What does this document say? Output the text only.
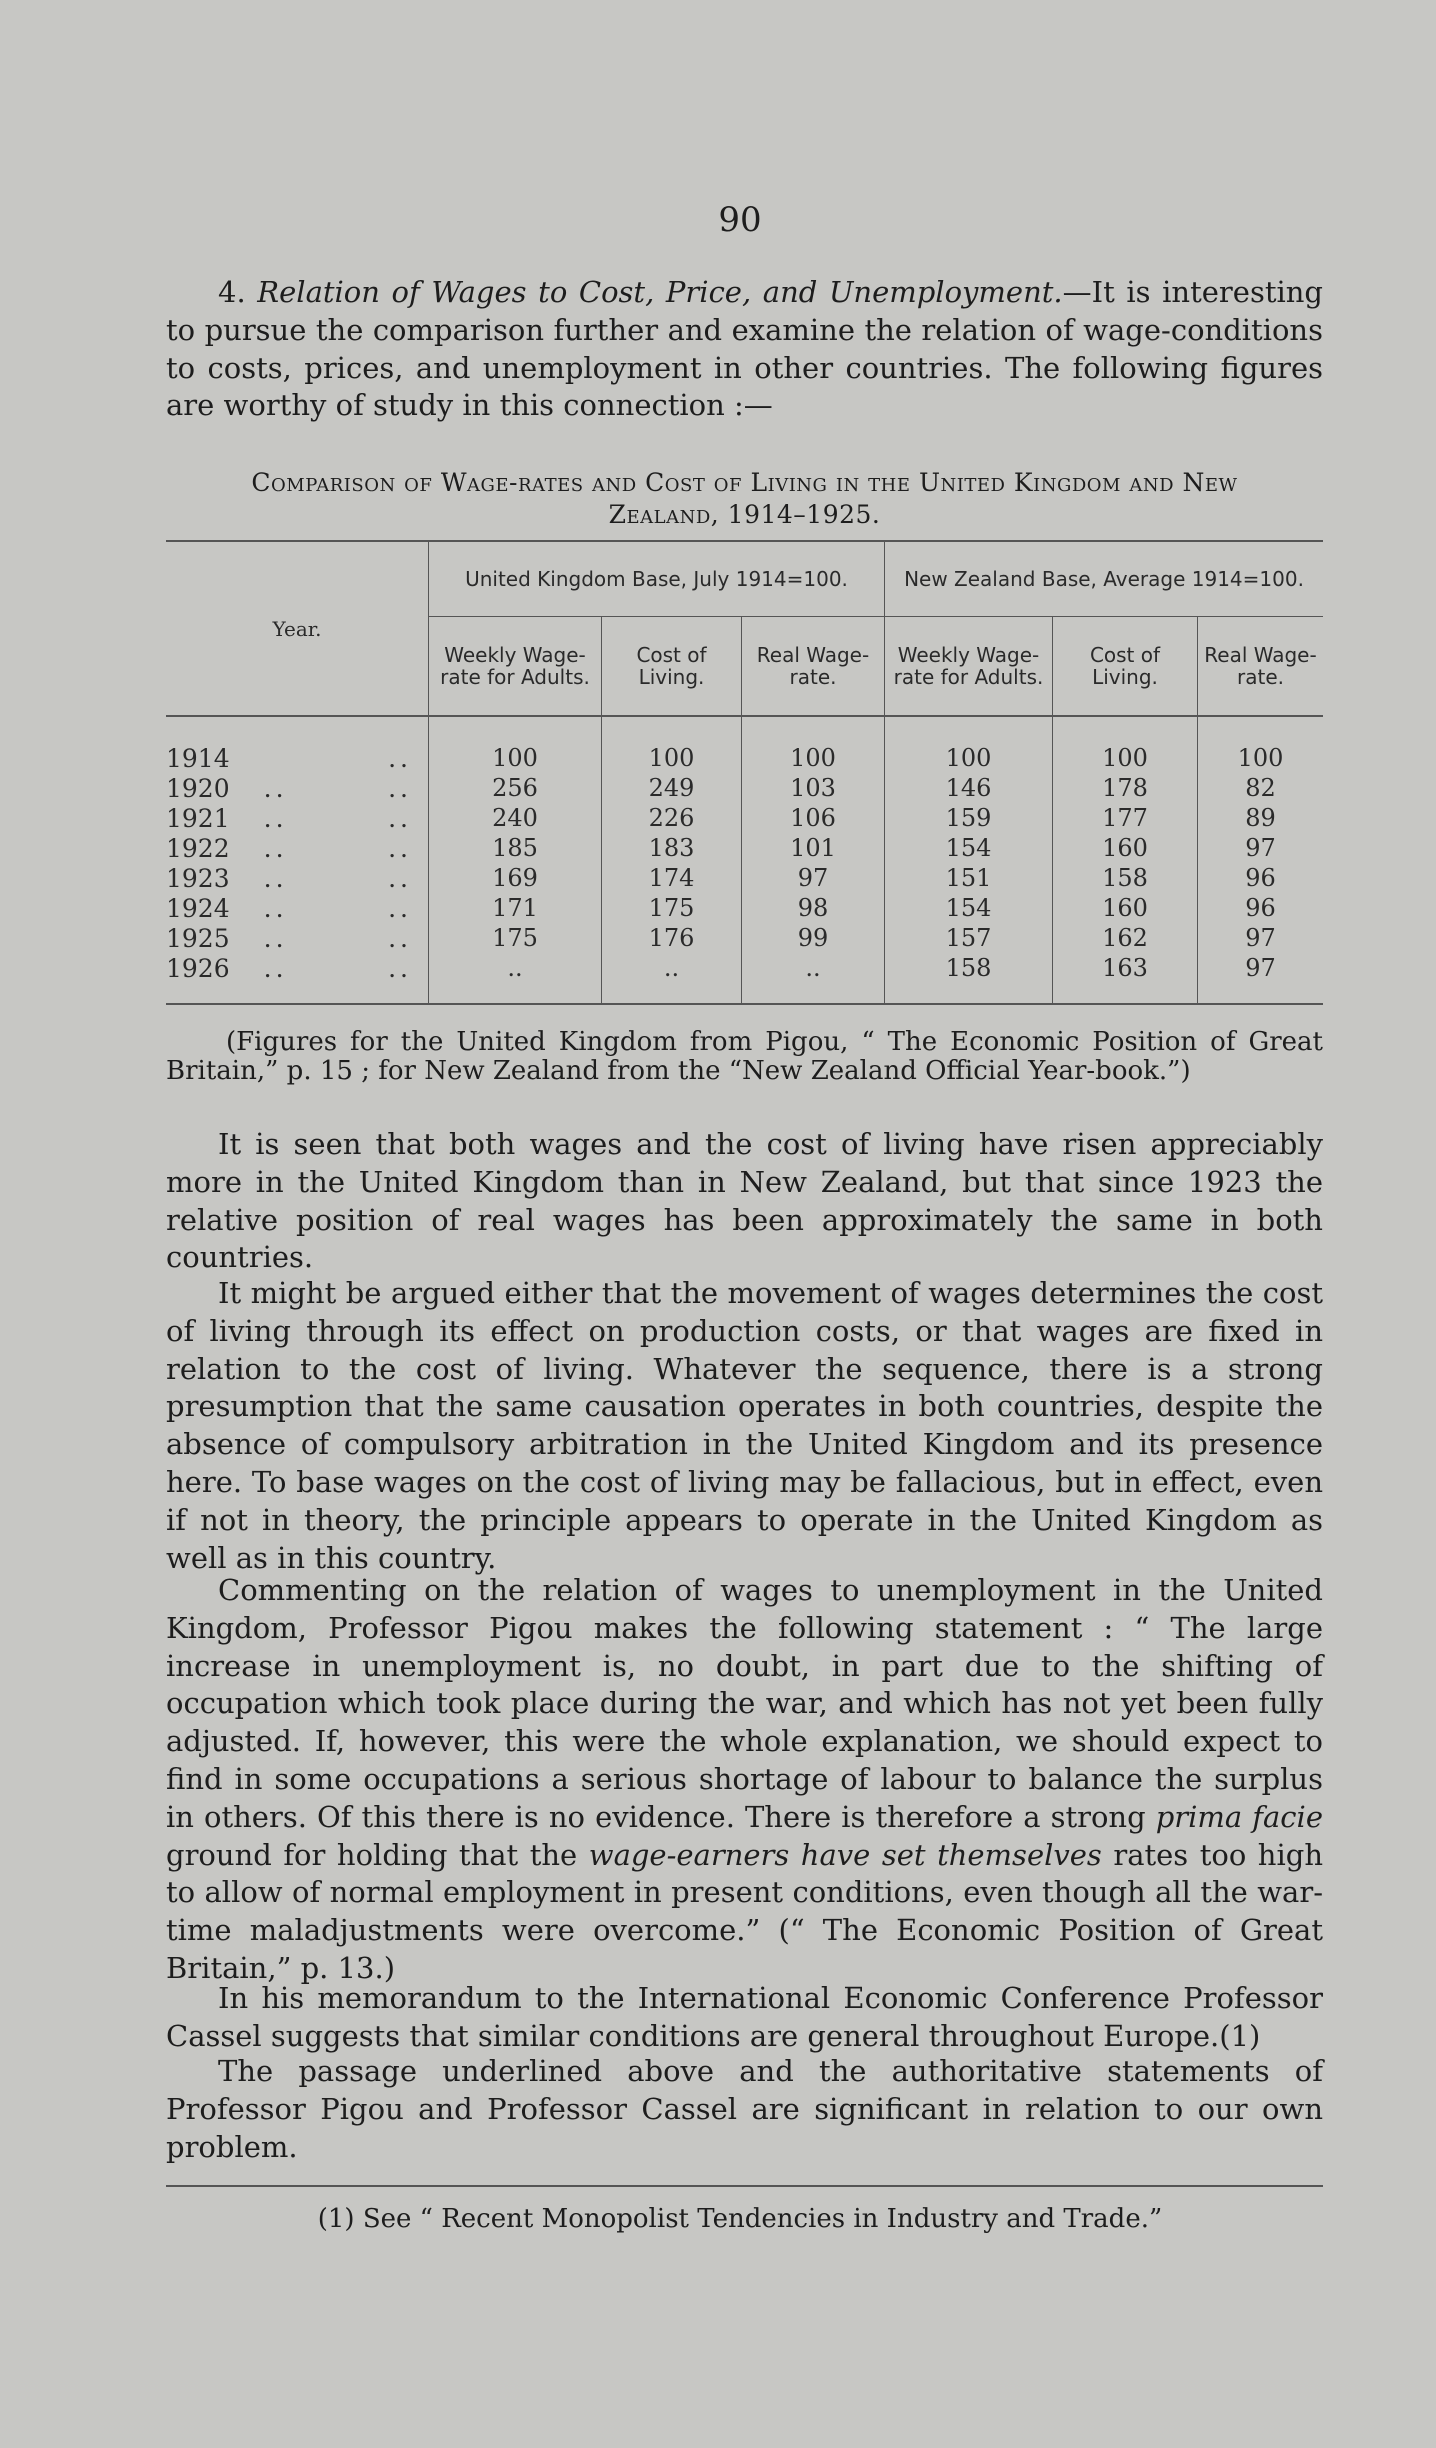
90

4. Relation of Wages to Cost, Price, and Unemployment.—It is interesting to pursue the comparison further and examine the relation of wage-conditions to costs, prices, and unemployment in other countries. The following figures are worthy of study in this connection :—

Comparison of Wage-rates and Cost of Living in the United Kingdom and New
Zealand, 1914–1925.
Year.	United Kingdom Base, July 1914=100.			New Zealand Base, Average 1914=100.		
	Weekly Wage-rate for Adults.	Cost of Living.	Real Wage-rate.	Weekly Wage-rate for Adults.	Cost of Living.	Real Wage-rate.
1914 ..	100	100	100	100	100	100
1920 .. ..	256	249	103	146	178	82
1921 .. ..	240	226	106	159	177	89
1922 .. ..	185	183	101	154	160	97
1923 .. ..	169	174	97	151	158	96
1924 .. ..	171	175	98	154	160	96
1925 .. ..	175	176	99	157	162	97
1926 .. ..	..	..	..	158	163	97

(Figures for the United Kingdom from Pigou, “ The Economic Position of Great Britain,” p. 15 ; for New Zealand from the “New Zealand Official Year-book.”)

It is seen that both wages and the cost of living have risen appreciably more in the United Kingdom than in New Zealand, but that since 1923 the relative position of real wages has been approximately the same in both countries.

It might be argued either that the movement of wages determines the cost of living through its effect on production costs, or that wages are fixed in relation to the cost of living. Whatever the sequence, there is a strong presumption that the same causation operates in both countries, despite the absence of compulsory arbitration in the United Kingdom and its presence here. To base wages on the cost of living may be fallacious, but in effect, even if not in theory, the principle appears to operate in the United Kingdom as well as in this country.

Commenting on the relation of wages to unemployment in the United Kingdom, Professor Pigou makes the following statement : “ The large increase in unemployment is, no doubt, in part due to the shifting of occupation which took place during the war, and which has not yet been fully adjusted. If, however, this were the whole explanation, we should expect to find in some occupations a serious shortage of labour to balance the surplus in others. Of this there is no evidence. There is therefore a strong prima facie ground for holding that the wage-earners have set themselves rates too high to allow of normal employment in present conditions, even though all the war-time maladjustments were overcome.” (“ The Economic Position of Great Britain,” p. 13.)

In his memorandum to the International Economic Conference Professor Cassel suggests that similar conditions are general throughout Europe.(1)

The passage underlined above and the authoritative statements of Professor Pigou and Professor Cassel are significant in relation to our own problem.

(1) See “ Recent Monopolist Tendencies in Industry and Trade.”
